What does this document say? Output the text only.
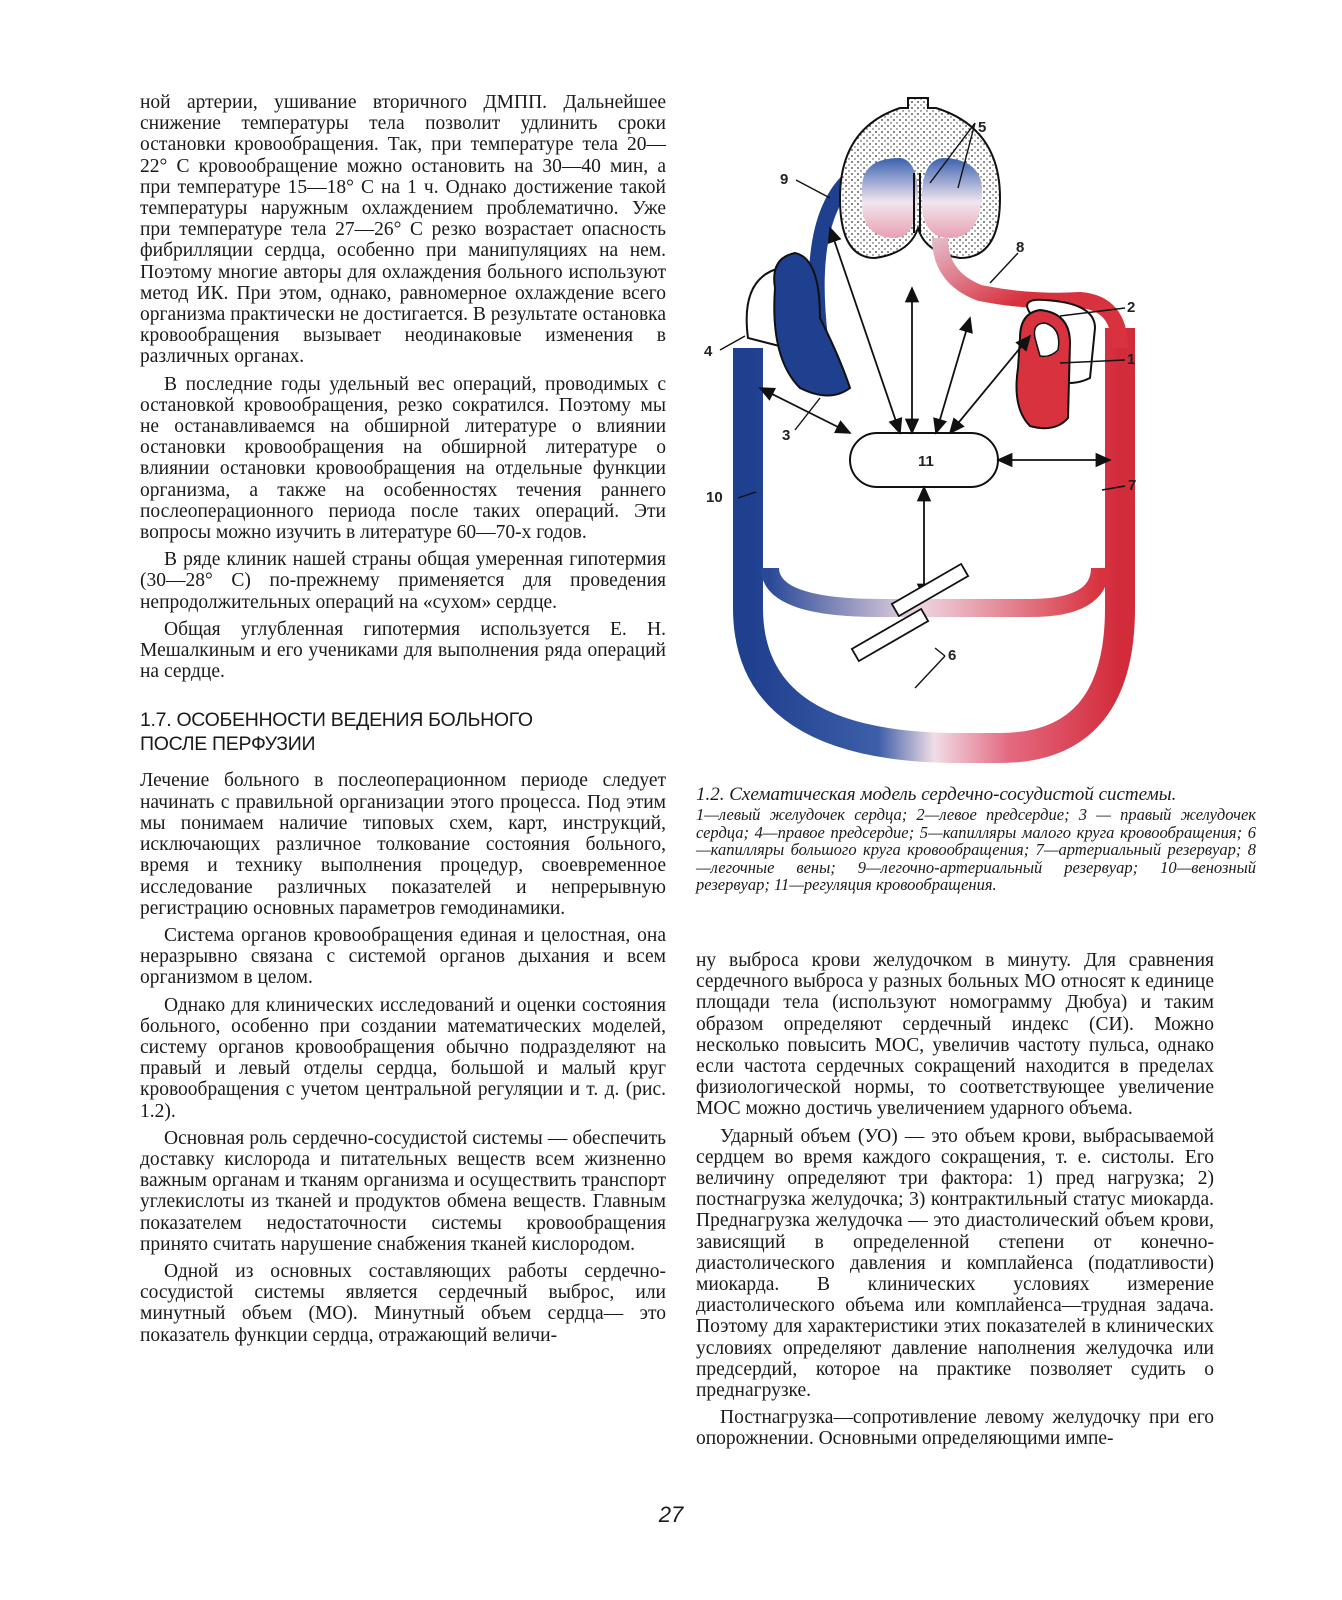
ной артерии, ушивание вторичного ДМПП. Дальнейшее снижение температуры тела позволит удлинить сроки остановки кровообращения. Так, при температуре тела 20—22° С кровообращение можно остановить на 30—40 мин, а при температуре 15—18° С на 1 ч. Однако достижение такой температуры наружным охлаждением проблематично. Уже при температуре тела 27—26° С резко возрастает опасность фибрилляции сердца, особенно при манипуляциях на нем. Поэтому многие авторы для охлаждения больного используют метод ИК. При этом, однако, равномерное охлаждение всего организма практически не достигается. В результате остановка кровообращения вызывает неодинаковые изменения в различных органах.

В последние годы удельный вес операций, проводимых с остановкой кровообращения, резко сократился. Поэтому мы не останавливаемся на обширной литературе о влиянии остановки кровообращения на обширной литературе о влиянии остановки кровообращения на отдельные функции организма, а также на особенностях течения раннего послеоперационного периода после таких операций. Эти вопросы можно изучить в литературе 60—70-х годов.

В ряде клиник нашей страны общая умеренная гипотермия (30—28° С) по-прежнему применяется для проведения непродолжительных операций на «сухом» сердце.

Общая углубленная гипотермия используется Е. Н. Мешалкиным и его учениками для выполнения ряда операций на сердце.

1.7. ОСОБЕННОСТИ ВЕДЕНИЯ БОЛЬНОГО
ПОСЛЕ ПЕРФУЗИИ

Лечение больного в послеоперационном периоде следует начинать с правильной организации этого процесса. Под этим мы понимаем наличие типовых схем, карт, инструкций, исключающих различное толкование состояния больного, время и технику выполнения процедур, своевременное исследование различных показателей и непрерывную регистрацию основных параметров гемодинамики.

Система органов кровообращения единая и целостная, она неразрывно связана с системой органов дыхания и всем организмом в целом.

Однако для клинических исследований и оценки состояния больного, особенно при создании математических моделей, систему органов кровообращения обычно подразделяют на правый и левый отделы сердца, большой и малый круг кровообращения с учетом центральной регуляции и т. д. (рис. 1.2).

Основная роль сердечно-сосудистой системы — обеспечить доставку кислорода и питательных веществ всем жизненно важным органам и тканям организма и осуществить транспорт углекислоты из тканей и продуктов обмена веществ. Главным показателем недостаточности системы кровообращения принято считать нарушение снабжения тканей кислородом.

Одной из основных составляющих работы сердечно-сосудистой системы является сердечный выброс, или минутный объем (МО). Минутный объем сердца— это показатель функции сердца, отражающий величи-

11
5
9
8
2
1
4
3
10
7
6
1.2. Схематическая модель сердечно-сосудистой системы.
1—левый желудочек сердца; 2—левое предсердие; 3 — правый желудочек сердца; 4—правое предсердие; 5—капилляры малого круга кровообращения; 6—капилляры большого круга кровообращения; 7—артериальный резервуар; 8—легочные вены; 9—легочно-артериальный резервуар; 10—венозный резервуар; 11—регуляция кровообращения.

ну выброса крови желудочком в минуту. Для сравнения сердечного выброса у разных больных МО относят к единице площади тела (используют номограмму Дюбуа) и таким образом определяют сердечный индекс (СИ). Можно несколько повысить МОС, увеличив частоту пульса, однако если частота сердечных сокращений находится в пределах физиологической нормы, то соответствующее увеличение МОС можно достичь увеличением ударного объема.

Ударный объем (УО) — это объем крови, выбрасываемой сердцем во время каждого сокращения, т. е. систолы. Его величину определяют три фактора: 1) пред нагрузка; 2) постнагрузка желудочка; 3) контрактильный статус миокарда. Преднагрузка желудочка — это диастолический объем крови, зависящий в определенной степени от конечно-диастолического давления и комплайенса (податливости) миокарда. В клинических условиях измерение диастолического объема или комплайенса—трудная задача. Поэтому для характеристики этих показателей в клинических условиях определяют давление наполнения желудочка или предсердий, которое на практике позволяет судить о преднагрузке.

Постнагрузка—сопротивление левому желудочку при его опорожнении. Основными определяющими импе-

27
